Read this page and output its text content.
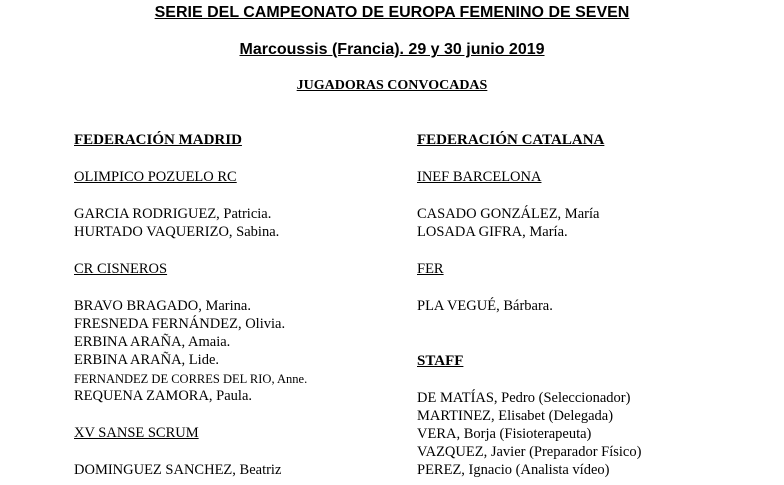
SERIE DEL CAMPEONATO DE EUROPA FEMENINO DE SEVEN
Marcoussis (Francia). 29 y 30 junio 2019
JUGADORAS CONVOCADAS
FEDERACIÓN MADRID
OLIMPICO POZUELO RC
GARCIA RODRIGUEZ, Patricia.
HURTADO VAQUERIZO, Sabina.
CR CISNEROS
BRAVO BRAGADO, Marina.
FRESNEDA FERNÁNDEZ, Olivia.
ERBINA ARAÑA, Amaia.
ERBINA ARAÑA, Lide.
FERNANDEZ DE CORRES DEL RIO, Anne.
REQUENA ZAMORA, Paula.
XV SANSE SCRUM
DOMINGUEZ SANCHEZ, Beatriz
FEDERACIÓN CATALANA
INEF BARCELONA
CASADO GONZÁLEZ, María
LOSADA GIFRA, María.
FER
PLA VEGUÉ, Bárbara.
STAFF
DE MATÍAS, Pedro (Seleccionador)
MARTINEZ, Elisabet (Delegada)
VERA, Borja (Fisioterapeuta)
VAZQUEZ, Javier (Preparador Físico)
PEREZ, Ignacio (Analista vídeo)
